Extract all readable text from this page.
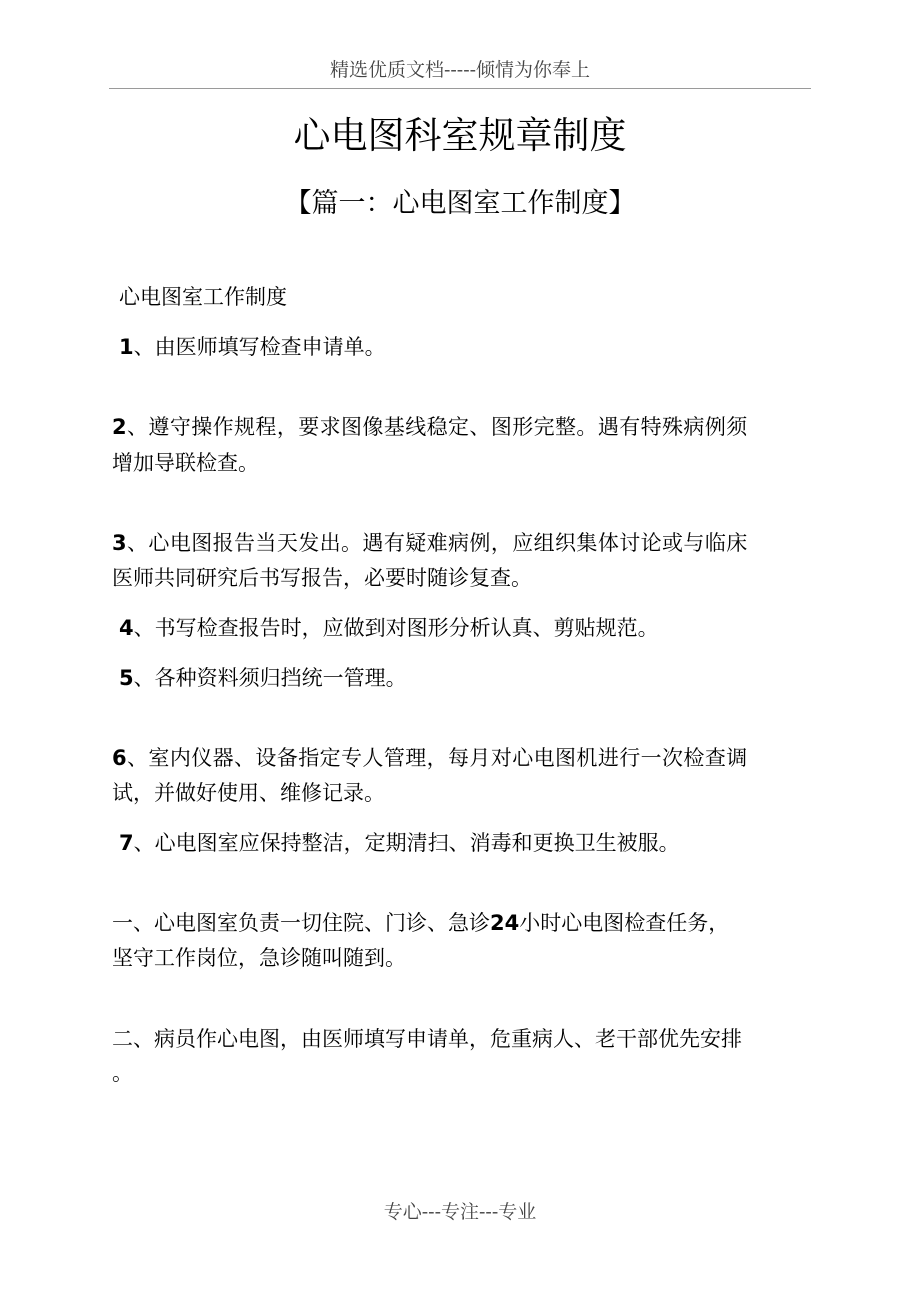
精选优质文档-----倾情为你奉上
心电图科室规章制度
【篇一：心电图室工作制度】
心电图室工作制度
1、由医师填写检查申请单。
2、遵守操作规程，要求图像基线稳定、图形完整。遇有特殊病例须
增加导联检查。
3、心电图报告当天发出。遇有疑难病例，应组织集体讨论或与临床
医师共同研究后书写报告，必要时随诊复查。
4、书写检查报告时，应做到对图形分析认真、剪贴规范。
5、各种资料须归挡统一管理。
6、室内仪器、设备指定专人管理，每月对心电图机进行一次检查调
试，并做好使用、维修记录。
7、心电图室应保持整洁，定期清扫、消毒和更换卫生被服。
一、心电图室负责一切住院、门诊、急诊24小时心电图检查任务，
坚守工作岗位，急诊随叫随到。
二、病员作心电图，由医师填写申请单，危重病人、老干部优先安排
。
专心---专注---专业
